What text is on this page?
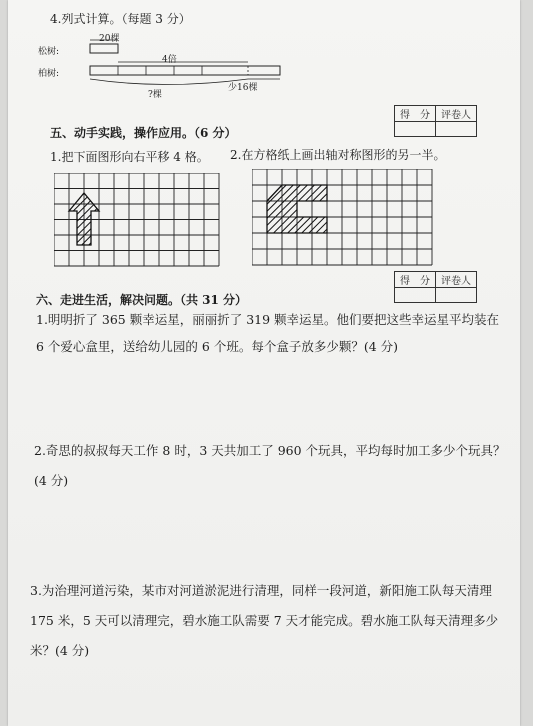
4.列式计算。（每题 3 分）
松树:
柏树:
20棵
4倍
少16棵
?棵
得　分	评卷人

五、动手实践，操作应用。（6 分）
1.把下面图形向右平移 4 格。 2.在方格纸上画出轴对称图形的另一半。
得　分	评卷人

六、走进生活，解决问题。（共 31 分）
1.明明折了 365 颗幸运星，丽丽折了 319 颗幸运星。他们要把这些幸运星平均装在
6 个爱心盒里，送给幼儿园的 6 个班。每个盒子放多少颗？(4 分)
2.奇思的叔叔每天工作 8 时，3 天共加工了 960 个玩具，平均每时加工多少个玩具？
(4 分)
3.为治理河道污染，某市对河道淤泥进行清理，同样一段河道，新阳施工队每天清理
175 米，5 天可以清理完，碧水施工队需要 7 天才能完成。碧水施工队每天清理多少
米？(4 分)
